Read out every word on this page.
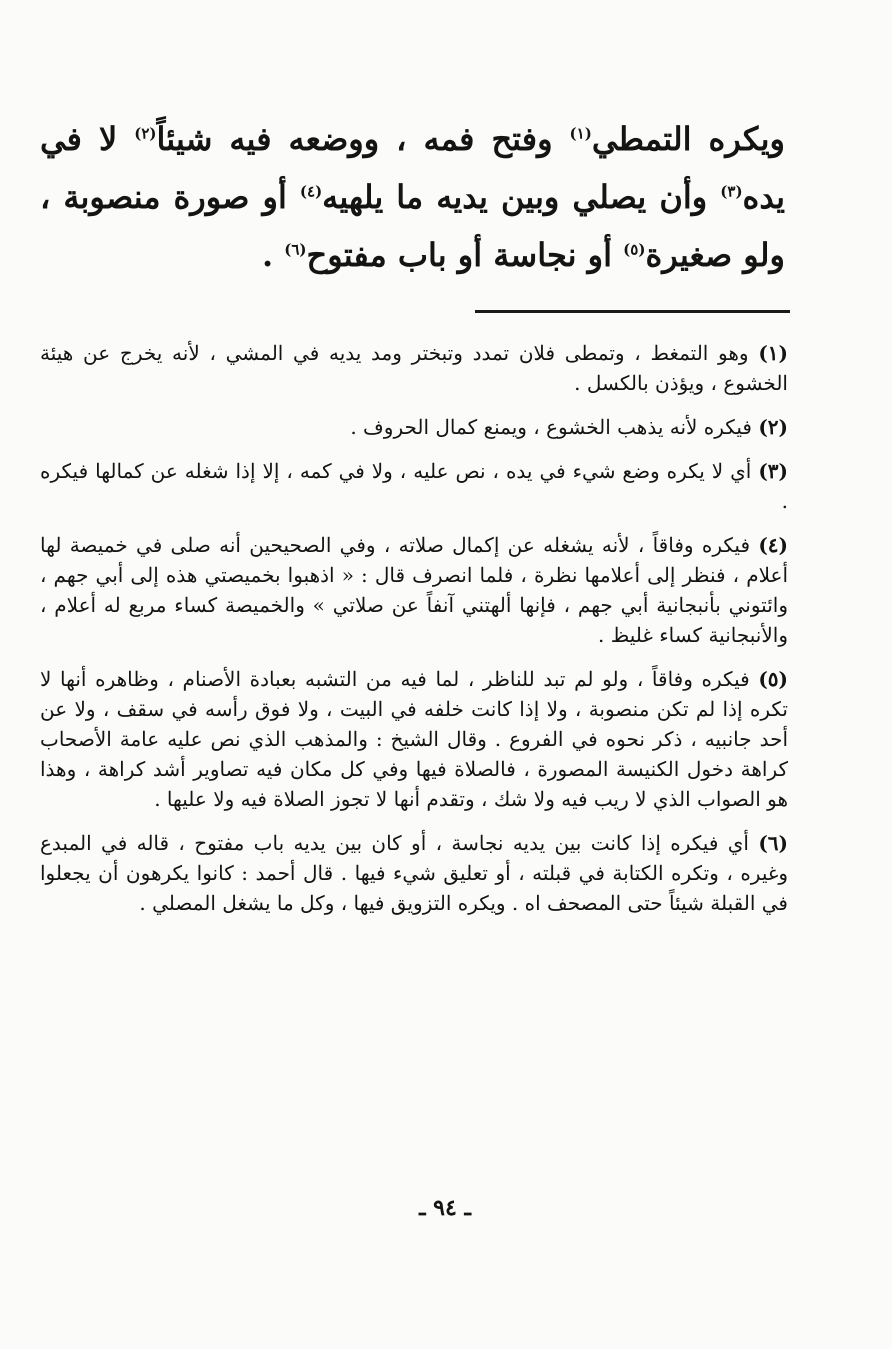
ويكره التمطي$^{(١)}$ وفتح فمه ، ووضعه فيه شيئاً$^{(٢)}$ لا في يده$^{(٣)}$ وأن يصلي وبين يديه ما يلهيه$^{(٤)}$ أو صورة منصوبة ، ولو صغيرة$^{(٥)}$ أو نجاسة أو باب مفتوح$^{(٦)}$ .

(١) وهو التمغط ، وتمطى فلان تمدد وتبختر ومد يديه في المشي ، لأنه يخرج عن هيئة الخشوع ، ويؤذن بالكسل .

(٢) فيكره لأنه يذهب الخشوع ، ويمنع كمال الحروف .

(٣) أي لا يكره وضع شيء في يده ، نص عليه ، ولا في كمه ، إلا إذا شغله عن كمالها فيكره .

(٤) فيكره وفاقاً ، لأنه يشغله عن إكمال صلاته ، وفي الصحيحين أنه صلى في خميصة لها أعلام ، فنظر إلى أعلامها نظرة ، فلما انصرف قال : « اذهبوا بخميصتي هذه إلى أبي جهم ، وائتوني بأنبجانية أبي جهم ، فإنها ألهتني آنفاً عن صلاتي » والخميصة كساء مربع له أعلام ، والأنبجانية كساء غليظ .

(٥) فيكره وفاقاً ، ولو لم تبد للناظر ، لما فيه من التشبه بعبادة الأصنام ، وظاهره أنها لا تكره إذا لم تكن منصوبة ، ولا إذا كانت خلفه في البيت ، ولا فوق رأسه في سقف ، ولا عن أحد جانبيه ، ذكر نحوه في الفروع . وقال الشيخ : والمذهب الذي نص عليه عامة الأصحاب كراهة دخول الكنيسة المصورة ، فالصلاة فيها وفي كل مكان فيه تصاوير أشد كراهة ، وهذا هو الصواب الذي لا ريب فيه ولا شك ، وتقدم أنها لا تجوز الصلاة فيه ولا عليها .

(٦) أي فيكره إذا كانت بين يديه نجاسة ، أو كان بين يديه باب مفتوح ، قاله في المبدع وغيره ، وتكره الكتابة في قبلته ، أو تعليق شيء فيها . قال أحمد : كانوا يكرهون أن يجعلوا في القبلة شيئاً حتى المصحف اه . ويكره التزويق فيها ، وكل ما يشغل المصلي .

ـ ٩٤ ـ
